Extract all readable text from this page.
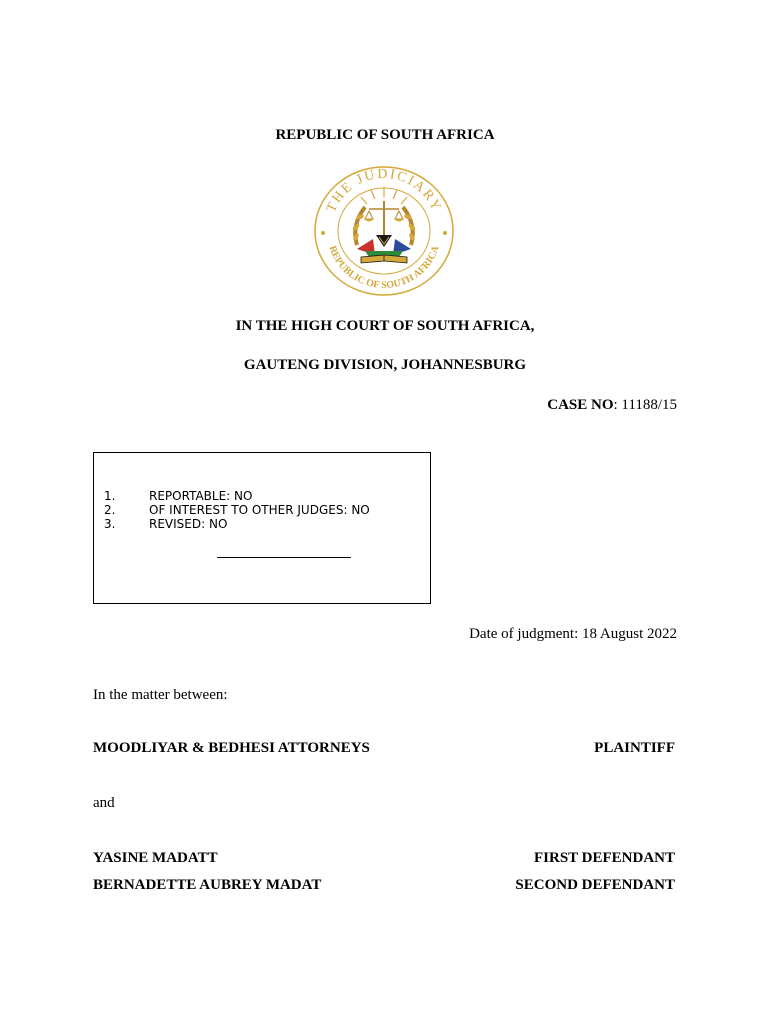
REPUBLIC OF SOUTH AFRICA
THE JUDICIARY
REPUBLIC OF SOUTH AFRICA
IN THE HIGH COURT OF SOUTH AFRICA,
GAUTENG DIVISION, JOHANNESBURG
CASE NO: 11188/15
1.	REPORTABLE: NO
2.	OF INTEREST TO OTHER JUDGES: NO
3.	REVISED: NO
Date of judgment: 18 August 2022
In the matter between:
MOODLIYAR & BEDHESI ATTORNEYS	PLAINTIFF
and
YASINE MADATT	FIRST DEFENDANT
BERNADETTE AUBREY MADAT	SECOND DEFENDANT
